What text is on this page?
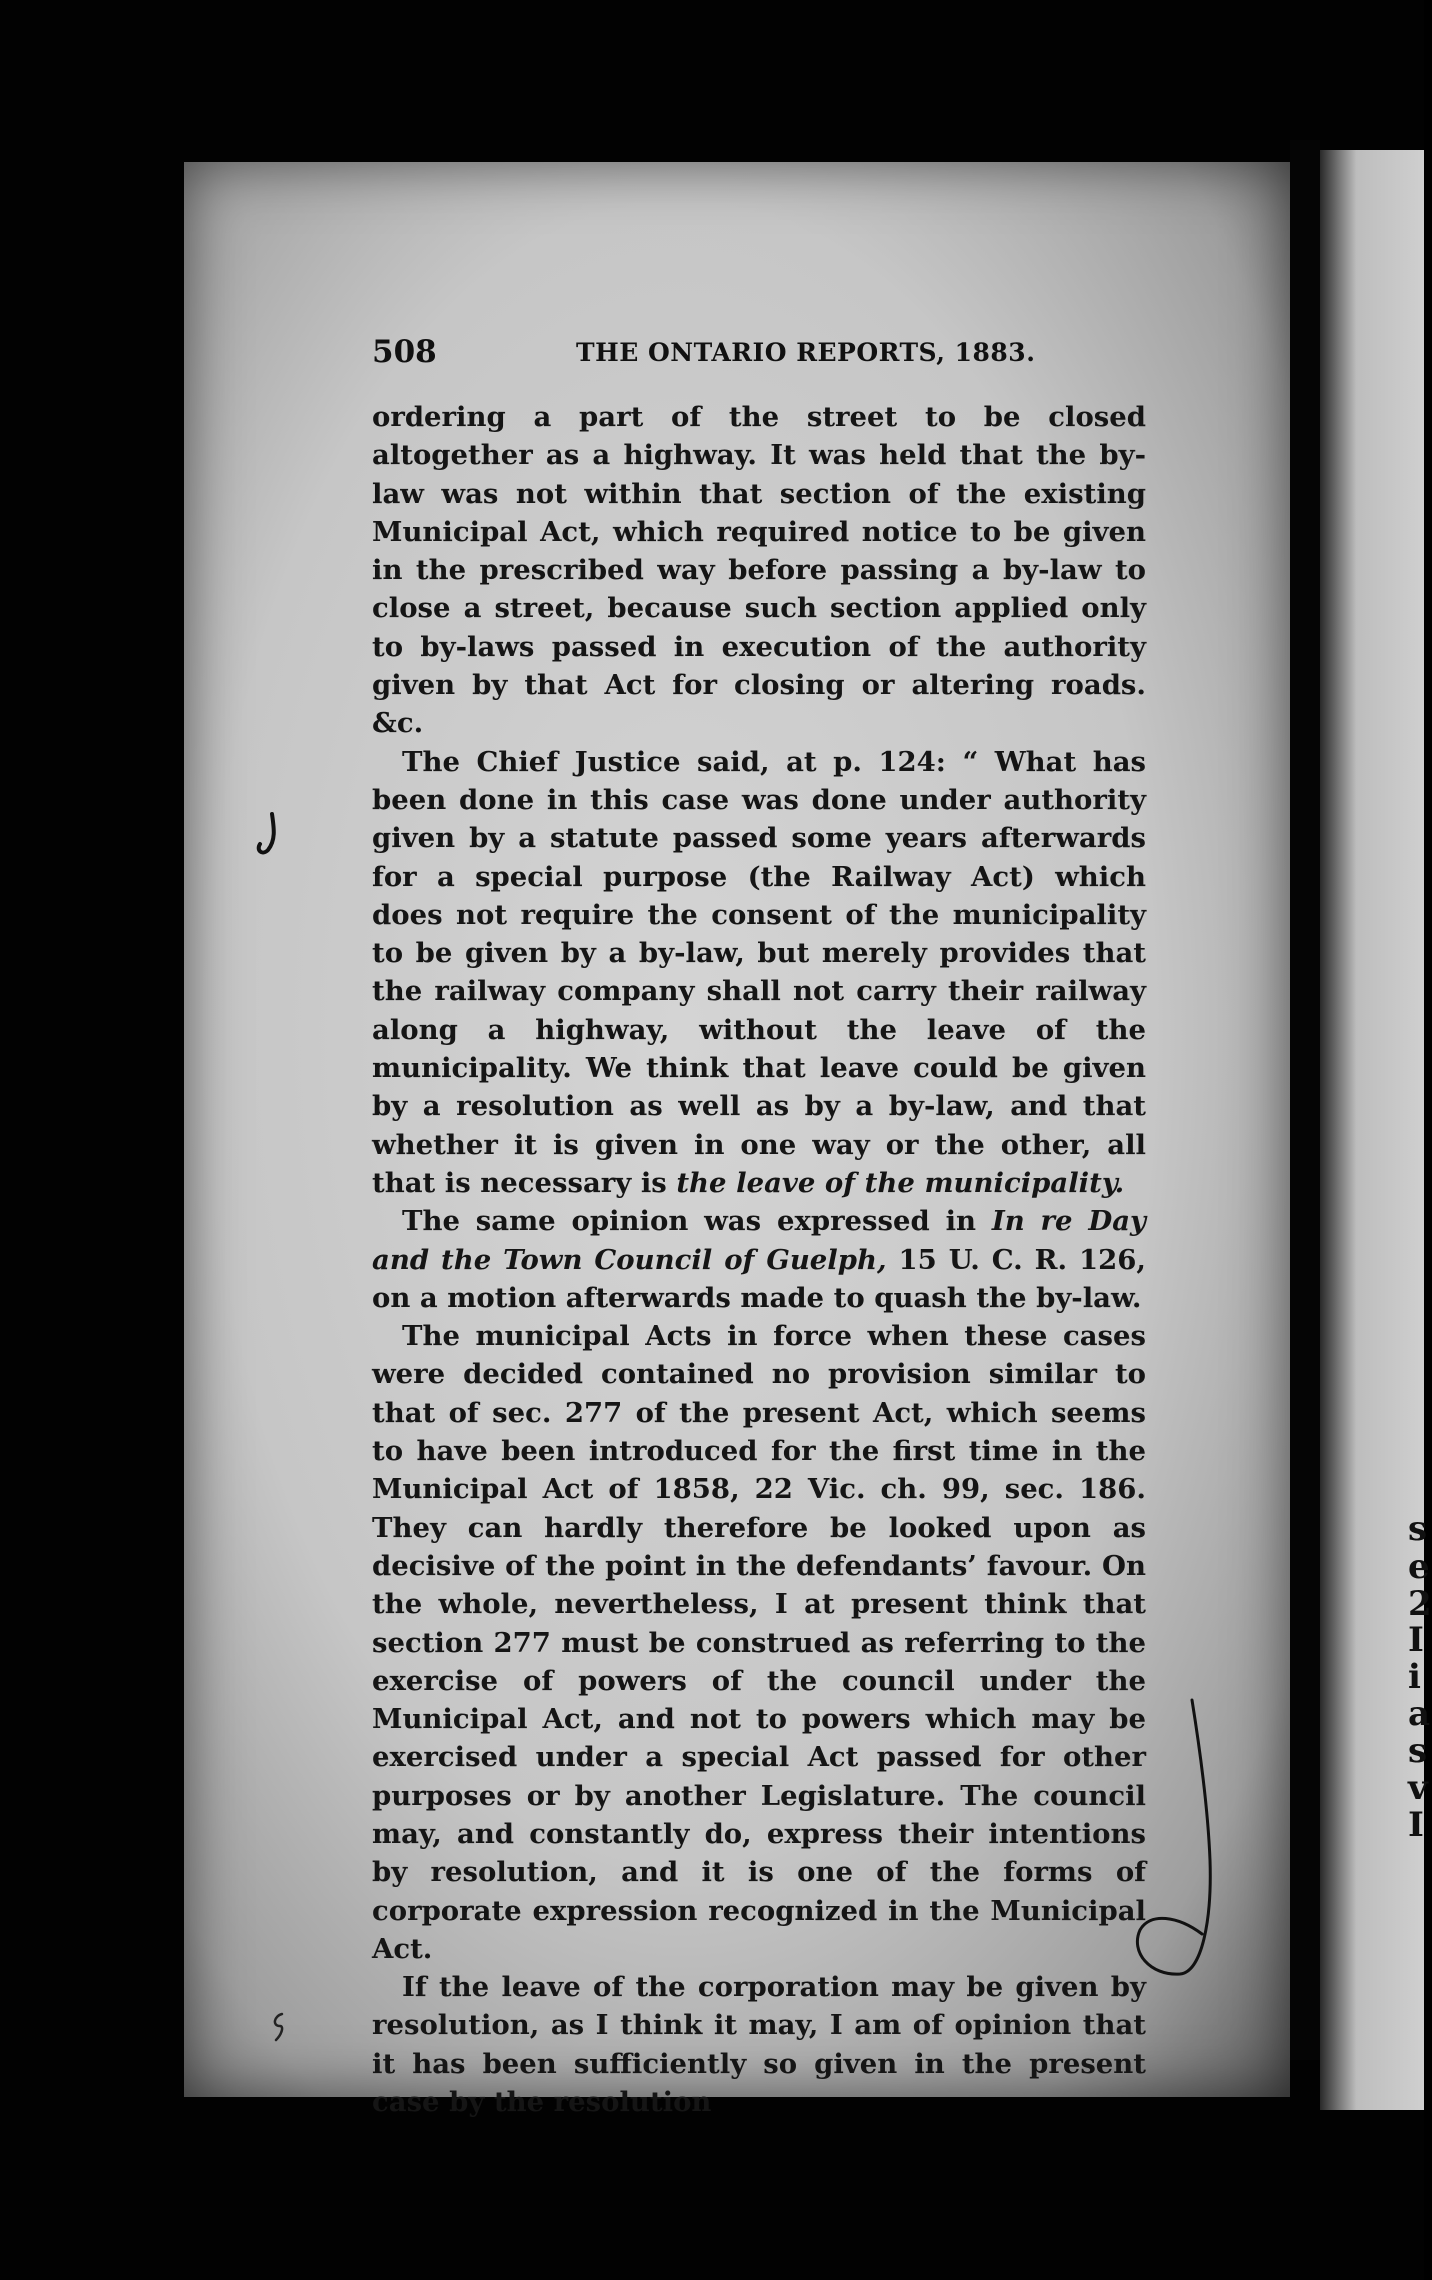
s
e
2
I
i
a
s
v
I
508	THE ONTARIO REPORTS, 1883.

ordering a part of the street to be closed altogether as a highway. It was held that the by-law was not within that section of the existing Municipal Act, which required notice to be given in the prescribed way before passing a by-law to close a street, because such section applied only to by-laws passed in execution of the authority given by that Act for closing or altering roads. &c.

The Chief Justice said, at p. 124: “ What has been done in this case was done under authority given by a statute passed some years afterwards for a special purpose (the Railway Act) which does not require the consent of the municipality to be given by a by-law, but merely provides that the railway company shall not carry their railway along a highway, without the leave of the municipality. We think that leave could be given by a resolution as well as by a by-law, and that whether it is given in one way or the other, all that is necessary is the leave of the municipality.

The same opinion was expressed in In re Day and the Town Council of Guelph, 15 U. C. R. 126, on a motion afterwards made to quash the by-law.

The municipal Acts in force when these cases were decided contained no provision similar to that of sec. 277 of the present Act, which seems to have been introduced for the first time in the Municipal Act of 1858, 22 Vic. ch. 99, sec. 186. They can hardly therefore be looked upon as decisive of the point in the defendants’ favour. On the whole, nevertheless, I at present think that section 277 must be construed as referring to the exercise of powers of the council under the Municipal Act, and not to powers which may be exercised under a special Act passed for other purposes or by another Legislature. The council may, and constantly do, express their intentions by resolution, and it is one of the forms of corporate expression recognized in the Municipal Act.

If the leave of the corporation may be given by resolution, as I think it may, I am of opinion that it has been sufficiently so given in the present case by the resolution
